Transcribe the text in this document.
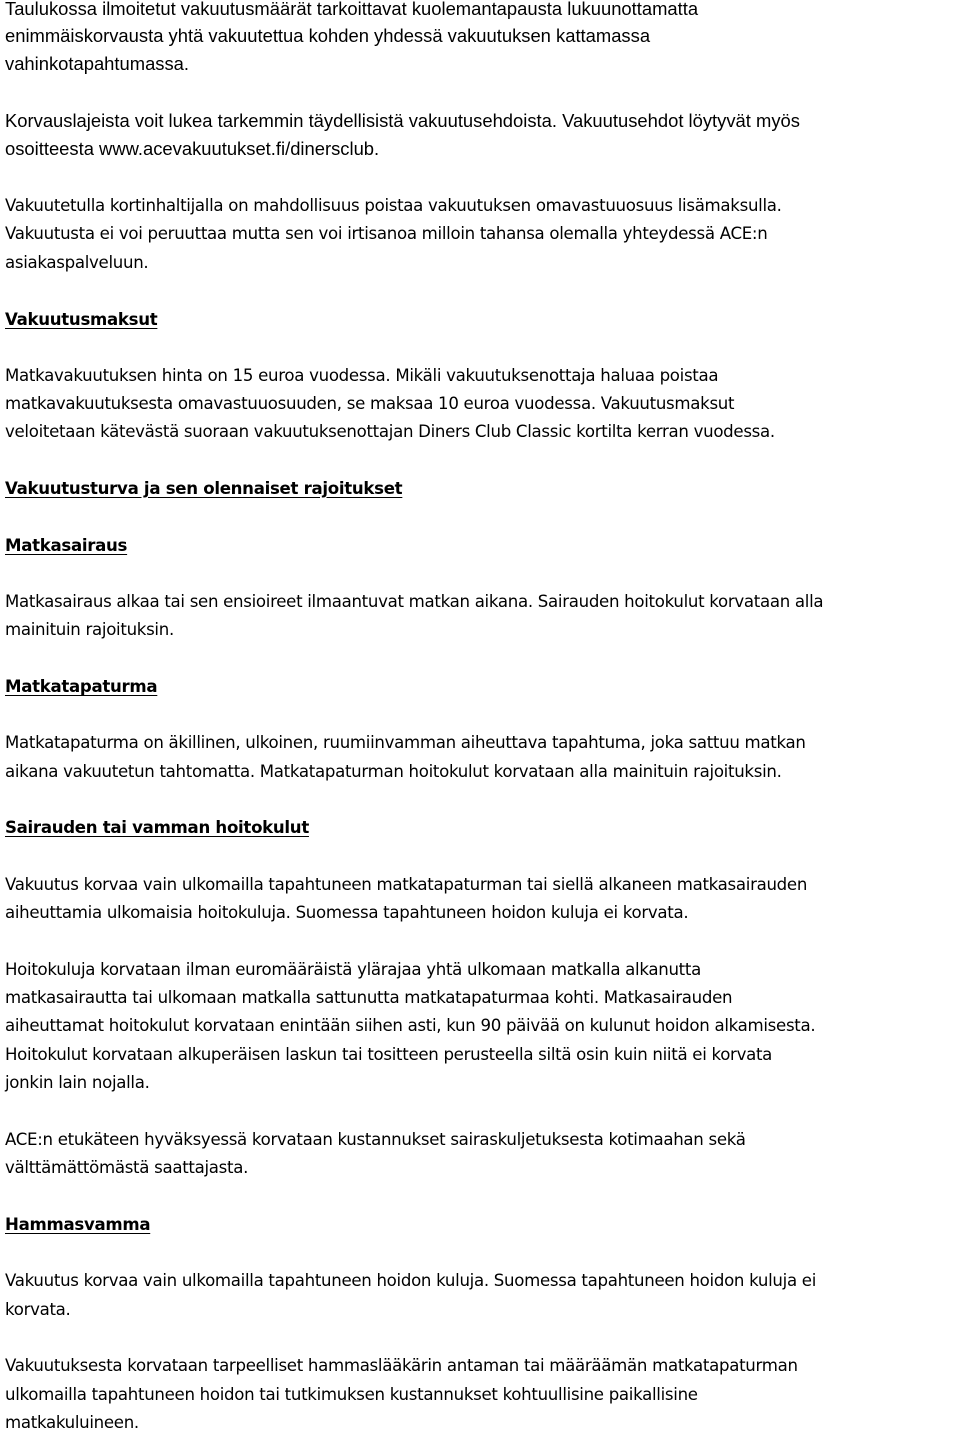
Taulukossa ilmoitetut vakuutusmäärät tarkoittavat kuolemantapausta lukuunottamatta
enimmäiskorvausta yhtä vakuutettua kohden yhdessä vakuutuksen kattamassa
vahinkotapahtumassa.
Korvauslajeista voit lukea tarkemmin täydellisistä vakuutusehdoista. Vakuutusehdot löytyvät myös
osoitteesta www.acevakuutukset.fi/dinersclub.
Vakuutetulla kortinhaltijalla on mahdollisuus poistaa vakuutuksen omavastuuosuus lisämaksulla.
Vakuutusta ei voi peruuttaa mutta sen voi irtisanoa milloin tahansa olemalla yhteydessä ACE:n
asiakaspalveluun.
Vakuutusmaksut
Matkavakuutuksen hinta on 15 euroa vuodessa. Mikäli vakuutuksenottaja haluaa poistaa
matkavakuutuksesta omavastuuosuuden, se maksaa 10 euroa vuodessa. Vakuutusmaksut
veloitetaan kätevästä suoraan vakuutuksenottajan Diners Club Classic kortilta kerran vuodessa.
Vakuutusturva ja sen olennaiset rajoitukset
Matkasairaus
Matkasairaus alkaa tai sen ensioireet ilmaantuvat matkan aikana. Sairauden hoitokulut korvataan alla
mainituin rajoituksin.
Matkatapaturma
Matkatapaturma on äkillinen, ulkoinen, ruumiinvamman aiheuttava tapahtuma, joka sattuu matkan
aikana vakuutetun tahtomatta. Matkatapaturman hoitokulut korvataan alla mainituin rajoituksin.
Sairauden tai vamman hoitokulut
Vakuutus korvaa vain ulkomailla tapahtuneen matkatapaturman tai siellä alkaneen matkasairauden
aiheuttamia ulkomaisia hoitokuluja. Suomessa tapahtuneen hoidon kuluja ei korvata.
Hoitokuluja korvataan ilman euromääräistä ylärajaa yhtä ulkomaan matkalla alkanutta
matkasairautta tai ulkomaan matkalla sattunutta matkatapaturmaa kohti. Matkasairauden
aiheuttamat hoitokulut korvataan enintään siihen asti, kun 90 päivää on kulunut hoidon alkamisesta.
Hoitokulut korvataan alkuperäisen laskun tai tositteen perusteella siltä osin kuin niitä ei korvata
jonkin lain nojalla.
ACE:n etukäteen hyväksyessä korvataan kustannukset sairaskuljetuksesta kotimaahan sekä
välttämättömästä saattajasta.
Hammasvamma
Vakuutus korvaa vain ulkomailla tapahtuneen hoidon kuluja. Suomessa tapahtuneen hoidon kuluja ei
korvata.
Vakuutuksesta korvataan tarpeelliset hammaslääkärin antaman tai määräämän matkatapaturman
ulkomailla tapahtuneen hoidon tai tutkimuksen kustannukset kohtuullisine paikallisine
matkakuluineen.
